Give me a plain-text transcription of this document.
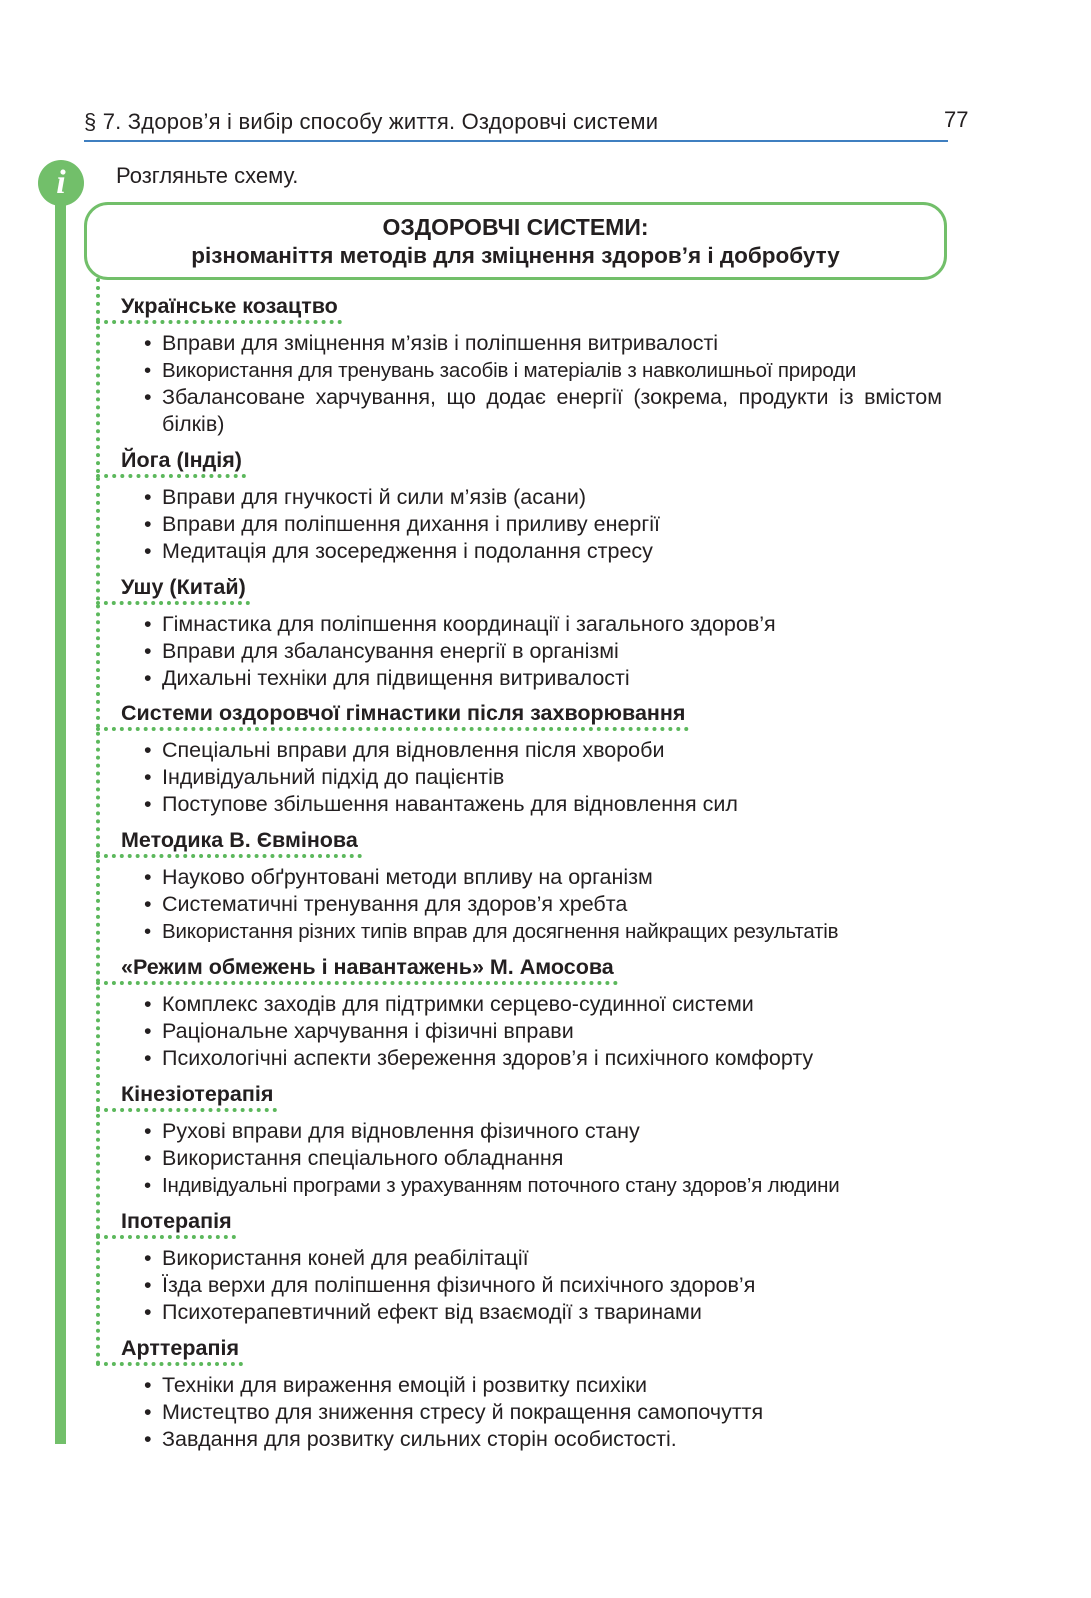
§ 7. Здоров’я і вибір способу життя. Оздоровчі системи	77
i	Розгляньте схему.

ОЗДОРОВЧІ СИСТЕМИ:
різноманіття методів для зміцнення здоров’я і добробуту
Українське козацтво
• Вправи для зміцнення м’язів і поліпшення витривалості
• Використання для тренувань засобів і матеріалів з навколишньої природи
• Збалансоване харчування, що додає енергії (зокрема, продукти із вмістом білків)
Йога (Індія)
• Вправи для гнучкості й сили м’язів (асани)
• Вправи для поліпшення дихання і приливу енергії
• Медитація для зосередження і подолання стресу
Ушу (Китай)
• Гімнастика для поліпшення координації і загального здоров’я
• Вправи для збалансування енергії в організмі
• Дихальні техніки для підвищення витривалості
Системи оздоровчої гімнастики після захворювання
• Спеціальні вправи для відновлення після хвороби
• Індивідуальний підхід до пацієнтів
• Поступове збільшення навантажень для відновлення сил
Методика В. Євмінова
• Науково обґрунтовані методи впливу на організм
• Систематичні тренування для здоров’я хребта
• Використання різних типів вправ для досягнення найкращих результатів
«Режим обмежень і навантажень» М. Амосова
• Комплекс заходів для підтримки серцево-судинної системи
• Раціональне харчування і фізичні вправи
• Психологічні аспекти збереження здоров’я і психічного комфорту
Кінезіотерапія
• Рухові вправи для відновлення фізичного стану
• Використання спеціального обладнання
• Індивідуальні програми з урахуванням поточного стану здоров’я людини
Іпотерапія
• Використання коней для реабілітації
• Їзда верхи для поліпшення фізичного й психічного здоров’я
• Психотерапевтичний ефект від взаємодії з тваринами
Арттерапія
• Техніки для вираження емоцій і розвитку психіки
• Мистецтво для зниження стресу й покращення самопочуття
• Завдання для розвитку сильних сторін особистості.
